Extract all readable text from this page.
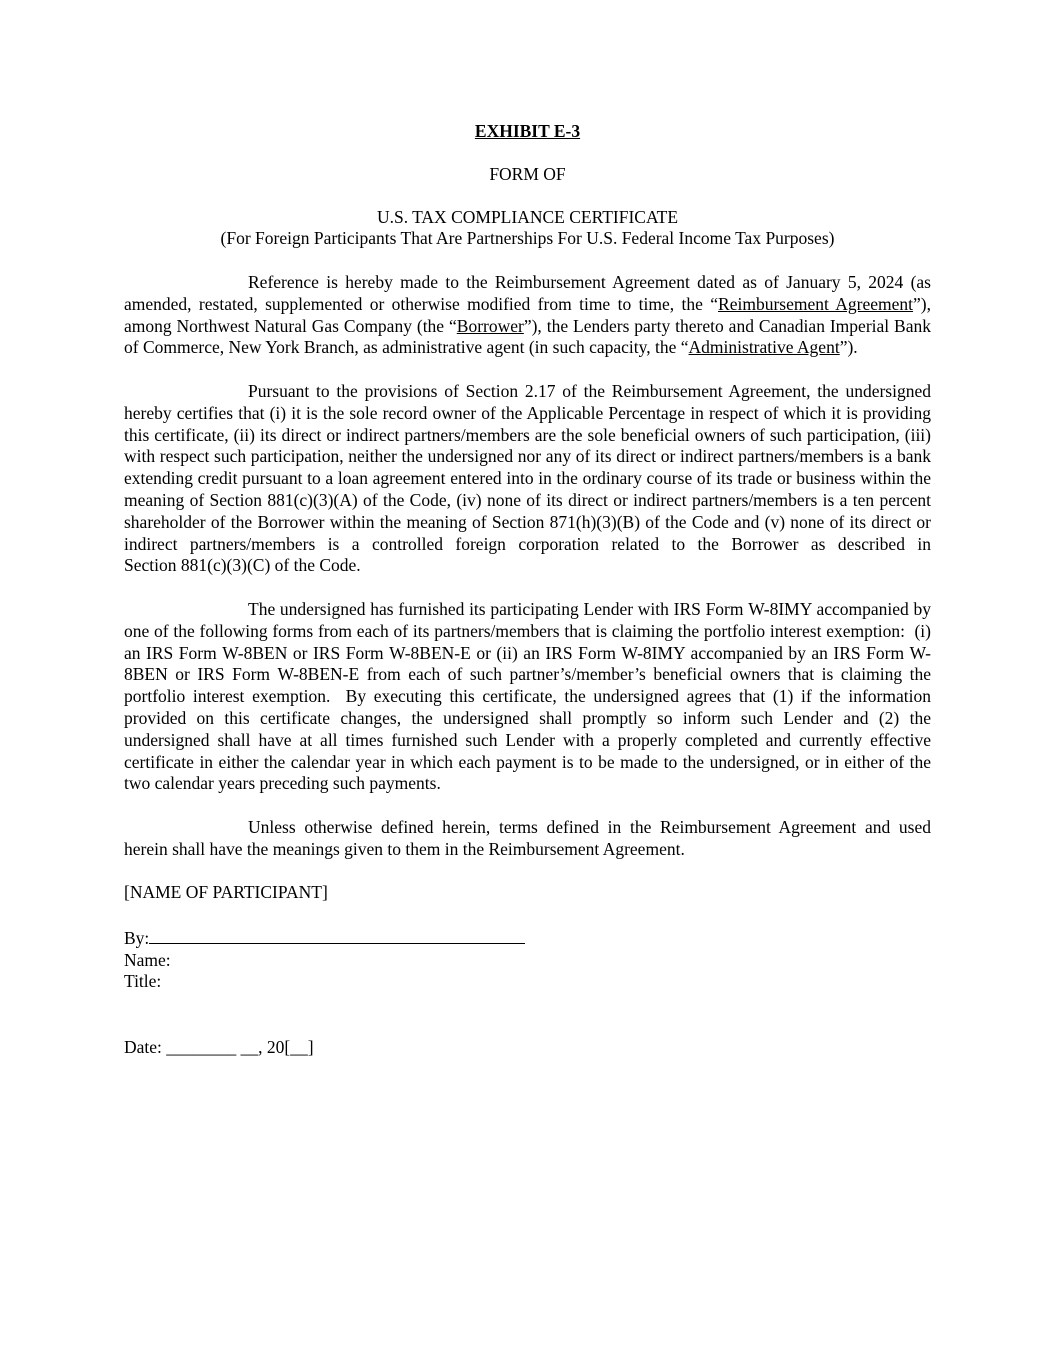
EXHIBIT E-3

FORM OF

U.S. TAX COMPLIANCE CERTIFICATE

(For Foreign Participants That Are Partnerships For U.S. Federal Income Tax Purposes)

Reference is hereby made to the Reimbursement Agreement dated as of January 5, 2024 (as amended, restated, supplemented or otherwise modified from time to time, the “Reimbursement Agreement”), among Northwest Natural Gas Company (the “Borrower”), the Lenders party thereto and Canadian Imperial Bank of Commerce, New York Branch, as administrative agent (in such capacity, the “Administrative Agent”).

Pursuant to the provisions of Section 2.17 of the Reimbursement Agreement, the undersigned hereby certifies that (i) it is the sole record owner of the Applicable Percentage in respect of which it is providing this certificate, (ii) its direct or indirect partners/members are the sole beneficial owners of such participation, (iii) with respect such participation, neither the undersigned nor any of its direct or indirect partners/members is a bank extending credit pursuant to a loan agreement entered into in the ordinary course of its trade or business within the meaning of Section 881(c)(3)(A) of the Code, (iv) none of its direct or indirect partners/members is a ten percent shareholder of the Borrower within the meaning of Section 871(h)(3)(B) of the Code and (v) none of its direct or indirect partners/members is a controlled foreign corporation related to the Borrower as described in Section 881(c)(3)(C) of the Code.

The undersigned has furnished its participating Lender with IRS Form W-8IMY accompanied by one of the following forms from each of its partners/members that is claiming the portfolio interest exemption:  (i) an IRS Form W-8BEN or IRS Form W-8BEN-E or (ii) an IRS Form W-8IMY accompanied by an IRS Form W-8BEN or IRS Form W-8BEN-E from each of such partner’s/member’s beneficial owners that is claiming the portfolio interest exemption.  By executing this certificate, the undersigned agrees that (1) if the information provided on this certificate changes, the undersigned shall promptly so inform such Lender and (2) the undersigned shall have at all times furnished such Lender with a properly completed and currently effective certificate in either the calendar year in which each payment is to be made to the undersigned, or in either of the two calendar years preceding such payments.

Unless otherwise defined herein, terms defined in the Reimbursement Agreement and used herein shall have the meanings given to them in the Reimbursement Agreement.

[NAME OF PARTICIPANT]

By:
Name:
Title:
Date: ________ __, 20[__]
